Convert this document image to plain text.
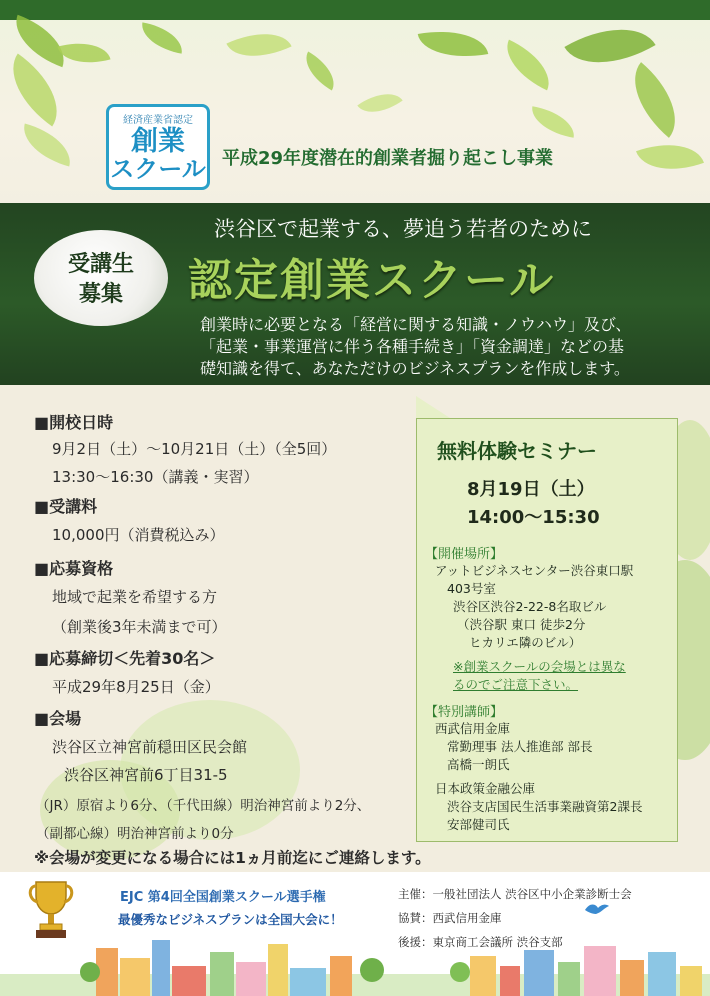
経済産業省認定
創業
スクール 平成29年度潜在的創業者掘り起こし事業
受講生
募集
渋谷区で起業する、夢追う若者のために
認定創業スクール
創業時に必要となる「経営に関する知識・ノウハウ」及び、
「起業・事業運営に伴う各種手続き」「資金調達」などの基
礎知識を得て、あなただけのビジネスプランを作成します。
■開校日時
9月2日（土）～10月21日（土）（全5回）
13:30～16:30（講義・実習）
■受講料
10,000円（消費税込み）
■応募資格
地域で起業を希望する方
（創業後3年未満まで可）
■応募締切＜先着30名＞
平成29年8月25日（金）
■会場
渋谷区立神宮前穏田区民会館
渋谷区神宮前6丁目31-5
（JR）原宿より6分、（千代田線）明治神宮前より2分、
（副都心線）明治神宮前より0分
無料体験セミナー
8月19日（土）
14:00～15:30
【開催場所】
アットビジネスセンター渋谷東口駅
403号室
渋谷区渋谷2-22-8名取ビル
（渋谷駅 東口 徒歩2分
ヒカリエ隣のビル）
※創業スクールの会場とは異な
るのでご注意下さい。
【特別講師】
西武信用金庫
常勤理事 法人推進部 部長
高橋一朗氏
日本政策金融公庫
渋谷支店国民生活事業融資第2課長
安部健司氏
※会場が変更になる場合には1ヵ月前迄にご連絡します。
EJC 第4回全国創業スクール選手権
最優秀なビジネスプランは全国大会に！
主催：一般社団法人 渋谷区中小企業診断士会
協賛：西武信用金庫
後援：東京商工会議所 渋谷支部
